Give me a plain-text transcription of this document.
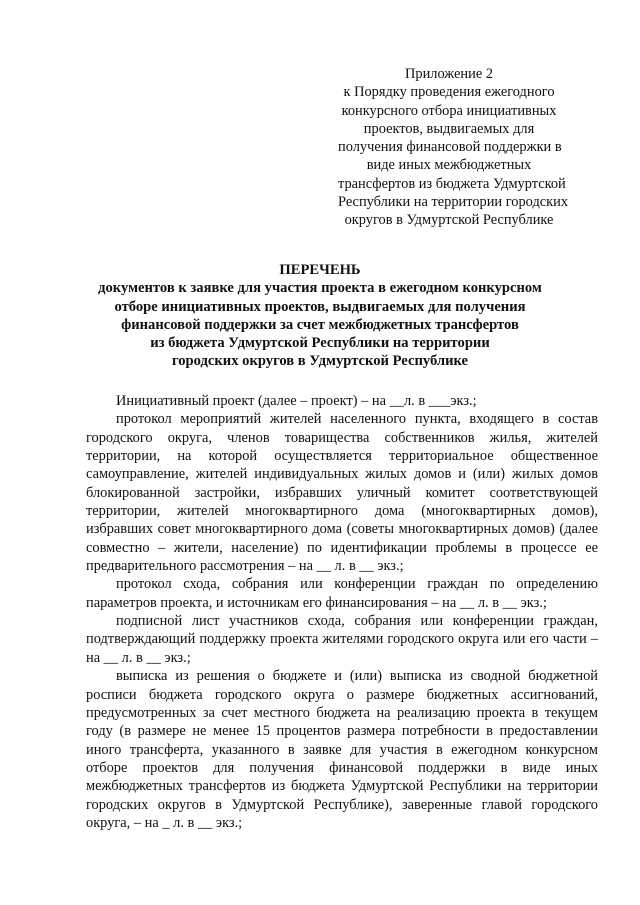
Приложение 2
к Порядку проведения ежегодного
конкурсного отбора инициативных
проектов, выдвигаемых для
получения финансовой поддержки в
виде иных межбюджетных
трансфертов из бюджета Удмуртской
Республики на территории городских
округов в Удмуртской Республике
ПЕРЕЧЕНЬ
документов к заявке для участия проекта в ежегодном конкурсном
отборе инициативных проектов, выдвигаемых для получения
финансовой поддержки за счет межбюджетных трансфертов
из бюджета Удмуртской Республики на территории
городских округов в Удмуртской Республике

Инициативный проект (далее – проект) – на __л. в ___экз.;

протокол мероприятий жителей населенного пункта, входящего в состав городского округа, членов товарищества собственников жилья, жителей территории, на которой осуществляется территориальное общественное самоуправление, жителей индивидуальных жилых домов и (или) жилых домов блокированной застройки, избравших уличный комитет соответствующей территории, жителей многоквартирного дома (многоквартирных домов), избравших совет многоквартирного дома (советы многоквартирных домов) (далее совместно – жители, население) по идентификации проблемы в процессе ее предварительного рассмотрения – на __ л. в __ экз.;

протокол схода, собрания или конференции граждан по определению параметров проекта, и источникам его финансирования – на __ л. в __ экз.;

подписной лист участников схода, собрания или конференции граждан, подтверждающий поддержку проекта жителями городского округа или его части – на __ л. в __ экз.;

выписка из решения о бюджете и (или) выписка из сводной бюджетной росписи бюджета городского округа о размере бюджетных ассигнований, предусмотренных за счет местного бюджета на реализацию проекта в текущем году (в размере не менее 15 процентов размера потребности в предоставлении иного трансферта, указанного в заявке для участия в ежегодном конкурсном отборе проектов для получения финансовой поддержки в виде иных межбюджетных трансфертов из бюджета Удмуртской Республики на территории городских округов в Удмуртской Республике), заверенные главой городского округа, – на _ л. в __ экз.;
